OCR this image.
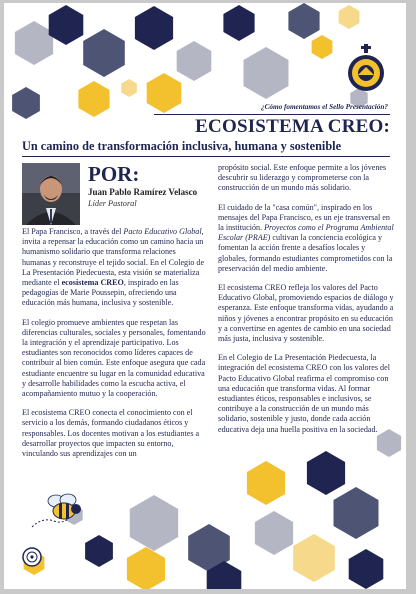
¿Cómo fomentamos el Sello Presentación?
ECOSISTEMA CREO:
Un camino de transformación inclusiva, humana y sostenible
POR:
Juan Pablo Ramírez Velasco
Líder Pastoral

El Papa Francisco, a través del Pacto Educativo Global, invita a repensar la educación como un camino hacia un humanismo solidario que transforma relaciones humanas y reconstruye el tejido social. En el Colegio de La Presentación Piedecuesta, esta visión se materializa mediante el ecosistema CREO, inspirado en las pedagogías de Marie Poussepin, ofreciendo una educación más humana, inclusiva y sostenible.

El colegio promueve ambientes que respetan las diferencias culturales, sociales y personales, fomentando la integración y el aprendizaje participativo. Los estudiantes son reconocidos como líderes capaces de contribuir al bien común. Este enfoque asegura que cada estudiante encuentre su lugar en la comunidad educativa y desarrolle habilidades como la escucha activa, el acompañamiento mutuo y la cooperación.

El ecosistema CREO conecta el conocimiento con el servicio a los demás, formando ciudadanos éticos y responsables. Los docentes motivan a los estudiantes a desarrollar proyectos que impacten su entorno, vinculando sus aprendizajes con un

propósito social. Este enfoque permite a los jóvenes descubrir su liderazgo y comprometerse con la construcción de un mundo más solidario.

El cuidado de la "casa común", inspirado en los mensajes del Papa Francisco, es un eje transversal en la institución. Proyectos como el Programa Ambiental Escolar (PRAE) cultivan la conciencia ecológica y fomentan la acción frente a desafíos locales y globales, formando estudiantes comprometidos con la preservación del medio ambiente.

El ecosistema CREO refleja los valores del Pacto Educativo Global, promoviendo espacios de diálogo y esperanza. Este enfoque transforma vidas, ayudando a niños y jóvenes a encontrar propósito en su educación y a convertirse en agentes de cambio en una sociedad más justa, inclusiva y sostenible.

En el Colegio de La Presentación Piedecuesta, la integración del ecosistema CREO con los valores del Pacto Educativo Global reafirma el compromiso con una educación que transforma vidas. Al formar estudiantes éticos, responsables e inclusivos, se contribuye a la construcción de un mundo más solidario, sostenible y justo, donde cada acción educativa deja una huella positiva en la sociedad.
